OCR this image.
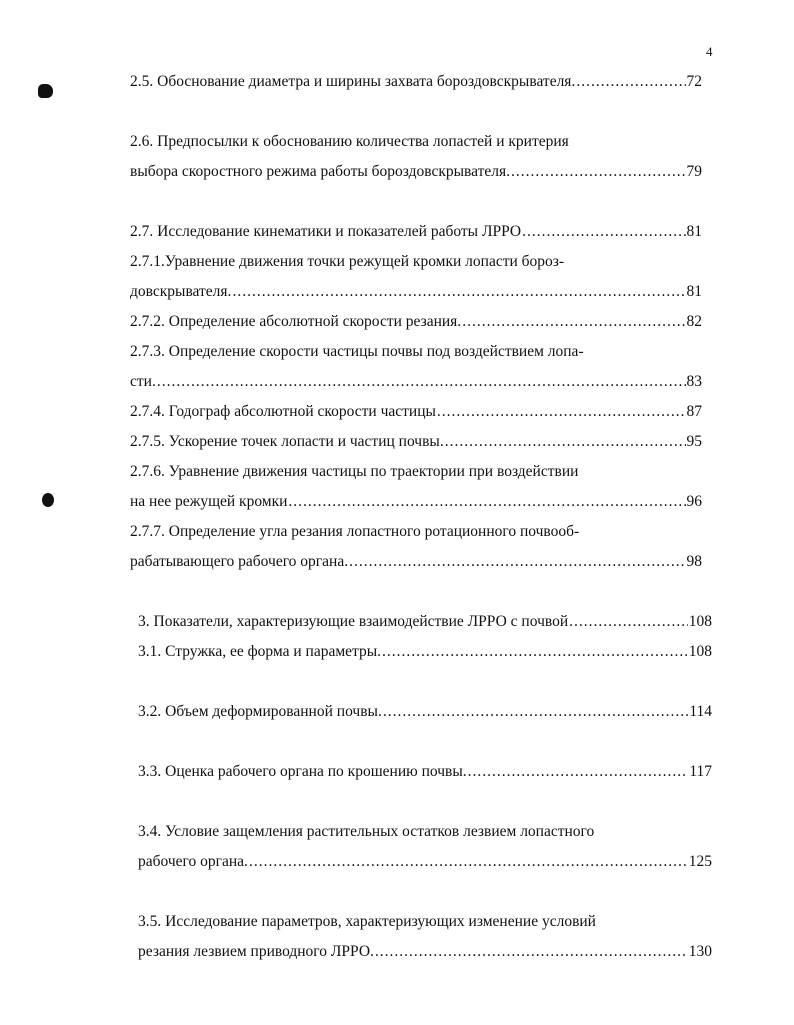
4
2.5. Обоснование диаметра и ширины захвата бороздовскрывателя. .....	72
2.6. Предпосылки к обоснованию количества лопастей и критерия
выбора скоростного режима работы бороздовскрывателя. .....	79
2.7. Исследование кинематики и показателей работы ЛРРО .....	81
2.7.1.Уравнение движения точки режущей кромки лопасти бороз-
довскрывателя. .....	81
2.7.2. Определение абсолютной скорости резания. .....	82
2.7.3. Определение скорости частицы почвы под воздействием лопа-
сти. .....	83
2.7.4. Годограф абсолютной скорости частицы .....	87
2.7.5. Ускорение точек лопасти и частиц почвы. .....	95
2.7.6. Уравнение движения частицы по траектории при воздействии
на нее режущей кромки .....	96
2.7.7. Определение угла резания лопастного ротационного почвооб-
рабатывающего рабочего органа. .....	98
3. Показатели, характеризующие взаимодействие ЛРРО с почвой .....	108
3.1. Стружка, ее форма и параметры. .....	108
3.2. Объем деформированной почвы. .....	114
3.3. Оценка рабочего органа по крошению почвы. .....	117
3.4. Условие защемления растительных остатков лезвием лопастного
рабочего органа. .....	125
3.5. Исследование параметров, характеризующих изменение условий
резания лезвием приводного ЛРРО. .....	130
